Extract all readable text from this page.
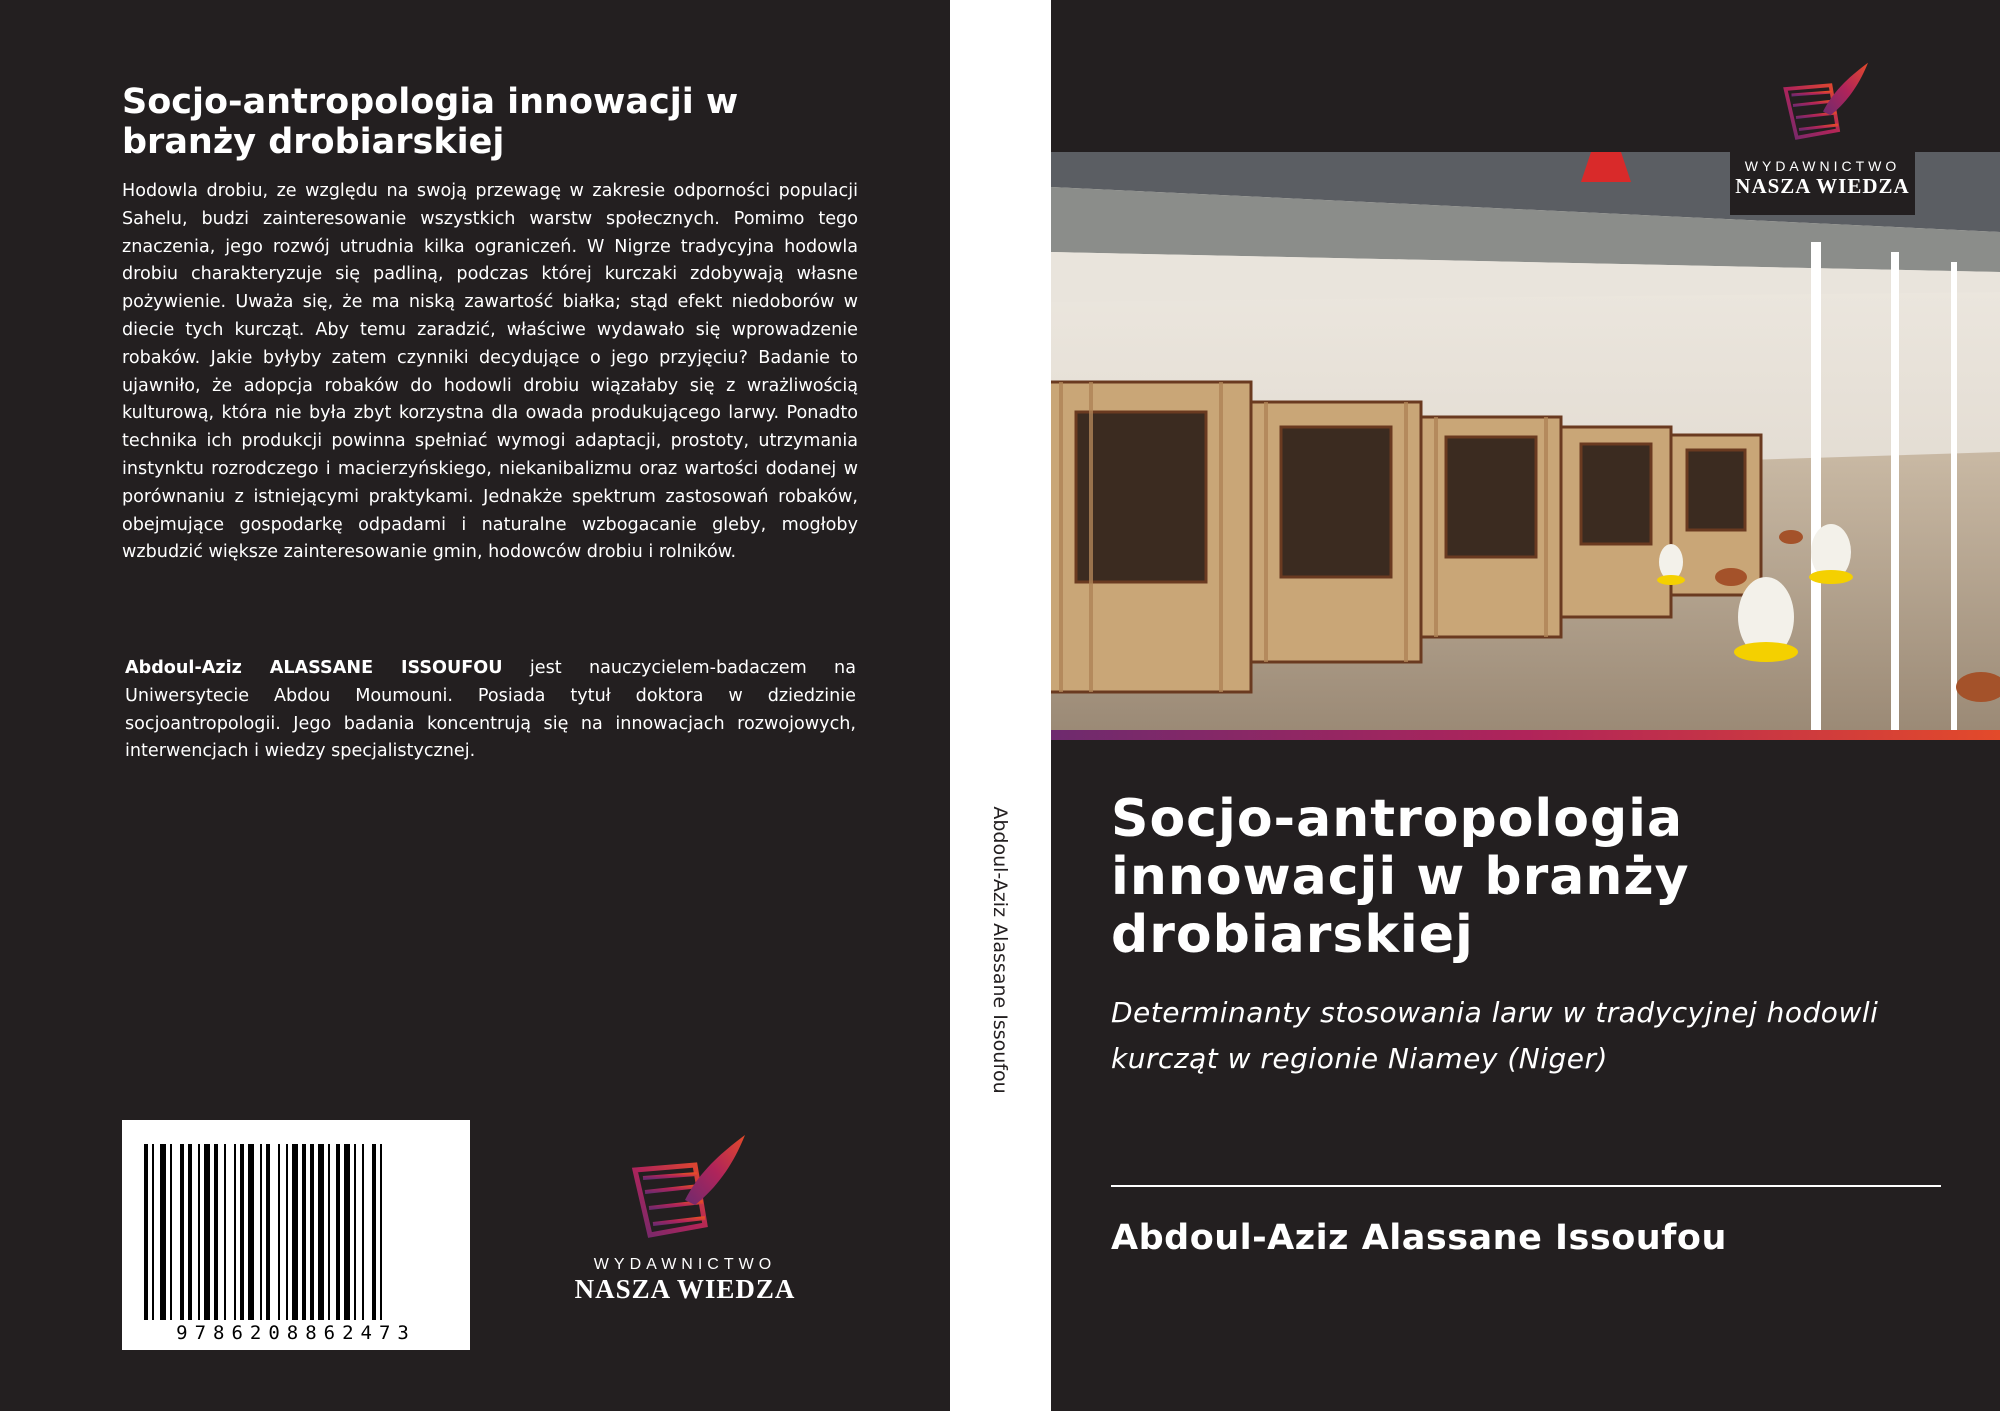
Socjo-antropologia innowacji w branży drobiarskiej

Hodowla drobiu, ze względu na swoją przewagę w zakresie odporności populacji Sahelu, budzi zainteresowanie wszystkich warstw społecznych. Pomimo tego znaczenia, jego rozwój utrudnia kilka ograniczeń. W Nigrze tradycyjna hodowla drobiu charakteryzuje się padliną, podczas której kurczaki zdobywają własne pożywienie. Uważa się, że ma niską zawartość białka; stąd efekt niedoborów w diecie tych kurcząt. Aby temu zaradzić, właściwe wydawało się wprowadzenie robaków. Jakie byłyby zatem czynniki decydujące o jego przyjęciu? Badanie to ujawniło, że adopcja robaków do hodowli drobiu wiązałaby się z wrażliwością kulturową, która nie była zbyt korzystna dla owada produkującego larwy. Ponadto technika ich produkcji powinna spełniać wymogi adaptacji, prostoty, utrzymania instynktu rozrodczego i macierzyńskiego, niekanibalizmu oraz wartości dodanej w porównaniu z istniejącymi praktykami. Jednakże spektrum zastosowań robaków, obejmujące gospodarkę odpadami i naturalne wzbogacanie gleby, mogłoby wzbudzić większe zainteresowanie gmin, hodowców drobiu i rolników.

Abdoul-Aziz ALASSANE ISSOUFOU jest nauczycielem-badaczem na Uniwersytecie Abdou Moumouni. Posiada tytuł doktora w dziedzinie socjoantropologii. Jego badania koncentrują się na innowacjach rozwojowych, interwencjach i wiedzy specjalistycznej.

9786208862473
WYDAWNICTWO
NASZA WIEDZA
Abdoul-Aziz Alassane Issoufou
WYDAWNICTWO
NASZA WIEDZA
Socjo-antropologia innowacji w branży drobiarskiej

Determinanty stosowania larw w tradycyjnej hodowli kurcząt w regionie Niamey (Niger)

Abdoul-Aziz Alassane Issoufou
